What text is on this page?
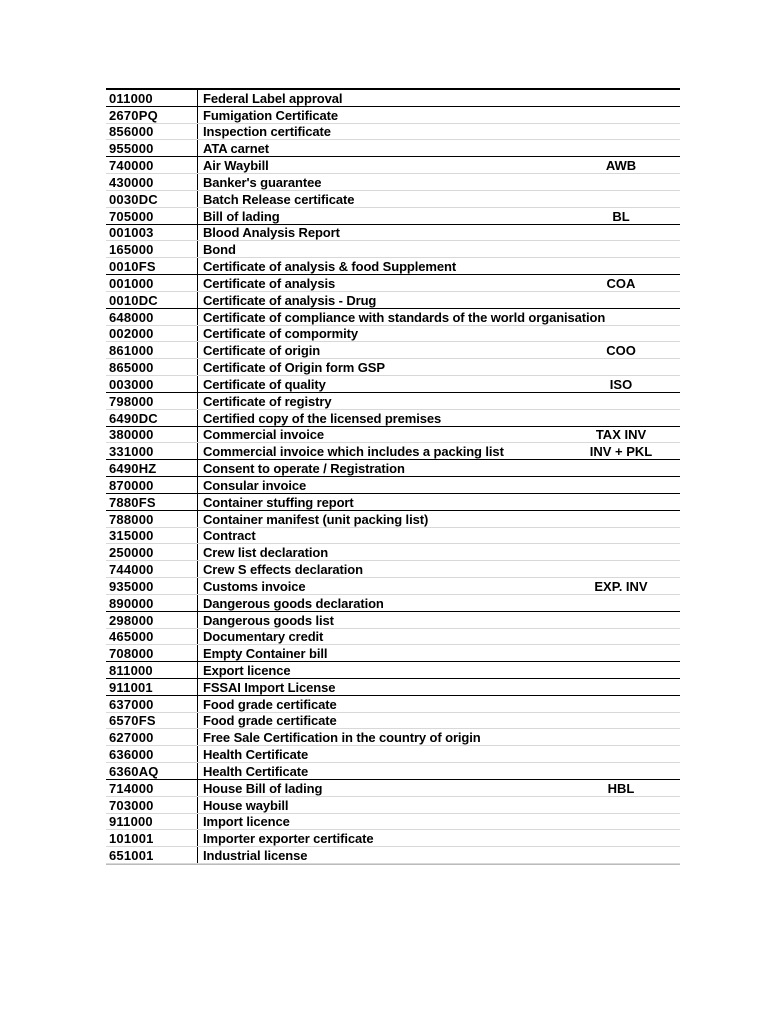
011000	Federal Label approval	
2670PQ	Fumigation Certificate	
856000	Inspection certificate	
955000	ATA carnet	
740000	Air Waybill	AWB
430000	Banker's guarantee	
0030DC	Batch Release certificate	
705000	Bill of lading	BL
001003	Blood Analysis Report	
165000	Bond	
0010FS	Certificate of analysis & food Supplement	
001000	Certificate of analysis	COA
0010DC	Certificate of analysis - Drug	
648000	Certificate of compliance with standards of the world organisation	
002000	Certificate of compormity	
861000	Certificate of origin	COO
865000	Certificate of Origin form GSP	
003000	Certificate of quality	ISO
798000	Certificate of registry	
6490DC	Certified copy of the licensed premises	
380000	Commercial invoice	TAX INV
331000	Commercial invoice which includes a packing list	INV + PKL
6490HZ	Consent to operate / Registration	
870000	Consular invoice	
7880FS	Container stuffing report	
788000	Container manifest (unit packing list)	
315000	Contract	
250000	Crew list declaration	
744000	Crew S effects declaration	
935000	Customs invoice	EXP. INV
890000	Dangerous goods declaration	
298000	Dangerous goods list	
465000	Documentary credit	
708000	Empty Container bill	
811000	Export licence	
911001	FSSAI Import License	
637000	Food grade certificate	
6570FS	Food grade certificate	
627000	Free Sale Certification in the country of origin	
636000	Health Certificate	
6360AQ	Health Certificate	
714000	House Bill of lading	HBL
703000	House waybill	
911000	Import licence	
101001	Importer exporter certificate	
651001	Industrial license	
